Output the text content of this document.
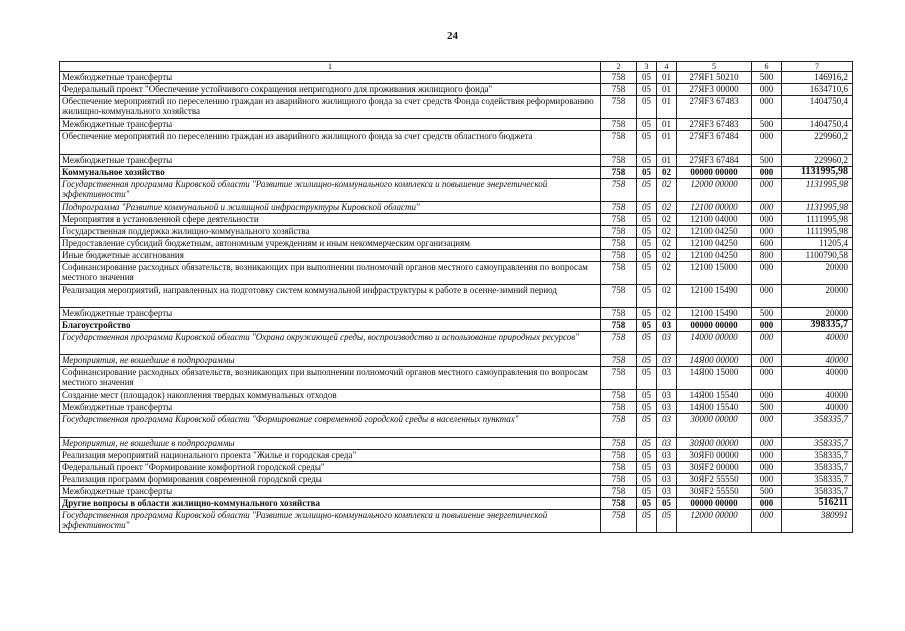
24
1	2	3	4	5	6	7
Межбюджетные трансферты	758	05	01	27ЯF1 50210	500	146916,2
Федеральный проект "Обеспечение устойчивого сокращения непригодного для проживания жилищного фонда"	758	05	01	27ЯF3 00000	000	1634710,6
Обеспечение мероприятий по переселению граждан из аварийного жилищного фонда за счет средств Фонда содействия реформированию жилищно-коммунального хозяйства	758	05	01	27ЯF3 67483	000	1404750,4
Межбюджетные трансферты	758	05	01	27ЯF3 67483	500	1404750,4
Обеспечение мероприятий по переселению граждан из аварийного жилищного фонда за счет средств областного бюджета	758	05	01	27ЯF3 67484	000	229960,2
Межбюджетные трансферты	758	05	01	27ЯF3 67484	500	229960,2
Коммунальное хозяйство	758	05	02	00000 00000	000	1131995,98
Государственная программа Кировской области "Развитие жилищно-коммунального комплекса и повышение энергетической эффективности"	758	05	02	12000 00000	000	1131995,98
Подпрограмма "Развитие коммунальной и жилищной инфраструктуры Кировской области"	758	05	02	12100 00000	000	1131995,98
Мероприятия в установленной сфере деятельности	758	05	02	12100 04000	000	1111995,98
Государственная поддержка жилищно-коммунального хозяйства	758	05	02	12100 04250	000	1111995,98
Предоставление субсидий бюджетным, автономным учреждениям и иным некоммерческим организациям	758	05	02	12100 04250	600	11205,4
Иные бюджетные ассигнования	758	05	02	12100 04250	800	1100790,58
Софинансирование расходных обязательств, возникающих при выполнении полномочий органов местного самоуправления по вопросам местного значения	758	05	02	12100 15000	000	20000
Реализация мероприятий, направленных на подготовку систем коммунальной инфраструктуры к работе в осенне-зимний период	758	05	02	12100 15490	000	20000
Межбюджетные трансферты	758	05	02	12100 15490	500	20000
Благоустройство	758	05	03	00000 00000	000	398335,7
Государственная программа Кировской области "Охрана окружающей среды, воспроизводство и использование природных ресурсов"	758	05	03	14000 00000	000	40000
Мероприятия, не вошедшие в подпрограммы	758	05	03	14Я00 00000	000	40000
Софинансирование расходных обязательств, возникающих при выполнении полномочий органов местного самоуправления по вопросам местного значения	758	05	03	14Я00 15000	000	40000
Создание мест (площадок) накопления твердых коммунальных отходов	758	05	03	14Я00 15540	000	40000
Межбюджетные трансферты	758	05	03	14Я00 15540	500	40000
Государственная программа Кировской области "Формирование современной городской среды в населенных пунктах"	758	05	03	30000 00000	000	358335,7
Мероприятия, не вошедшие в подпрограммы	758	05	03	30Я00 00000	000	358335,7
Реализация мероприятий национального проекта "Жилье и городская среда"	758	05	03	30ЯF0 00000	000	358335,7
Федеральный проект "Формирование комфортной городской среды"	758	05	03	30ЯF2 00000	000	358335,7
Реализация программ формирования современной городской среды	758	05	03	30ЯF2 55550	000	358335,7
Межбюджетные трансферты	758	05	03	30ЯF2 55550	500	358335,7
Другие вопросы в области жилищно-коммунального хозяйства	758	05	05	00000 00000	000	516211
Государственная программа Кировской области "Развитие жилищно-коммунального комплекса и повышение энергетической эффективности"	758	05	05	12000 00000	000	380991
